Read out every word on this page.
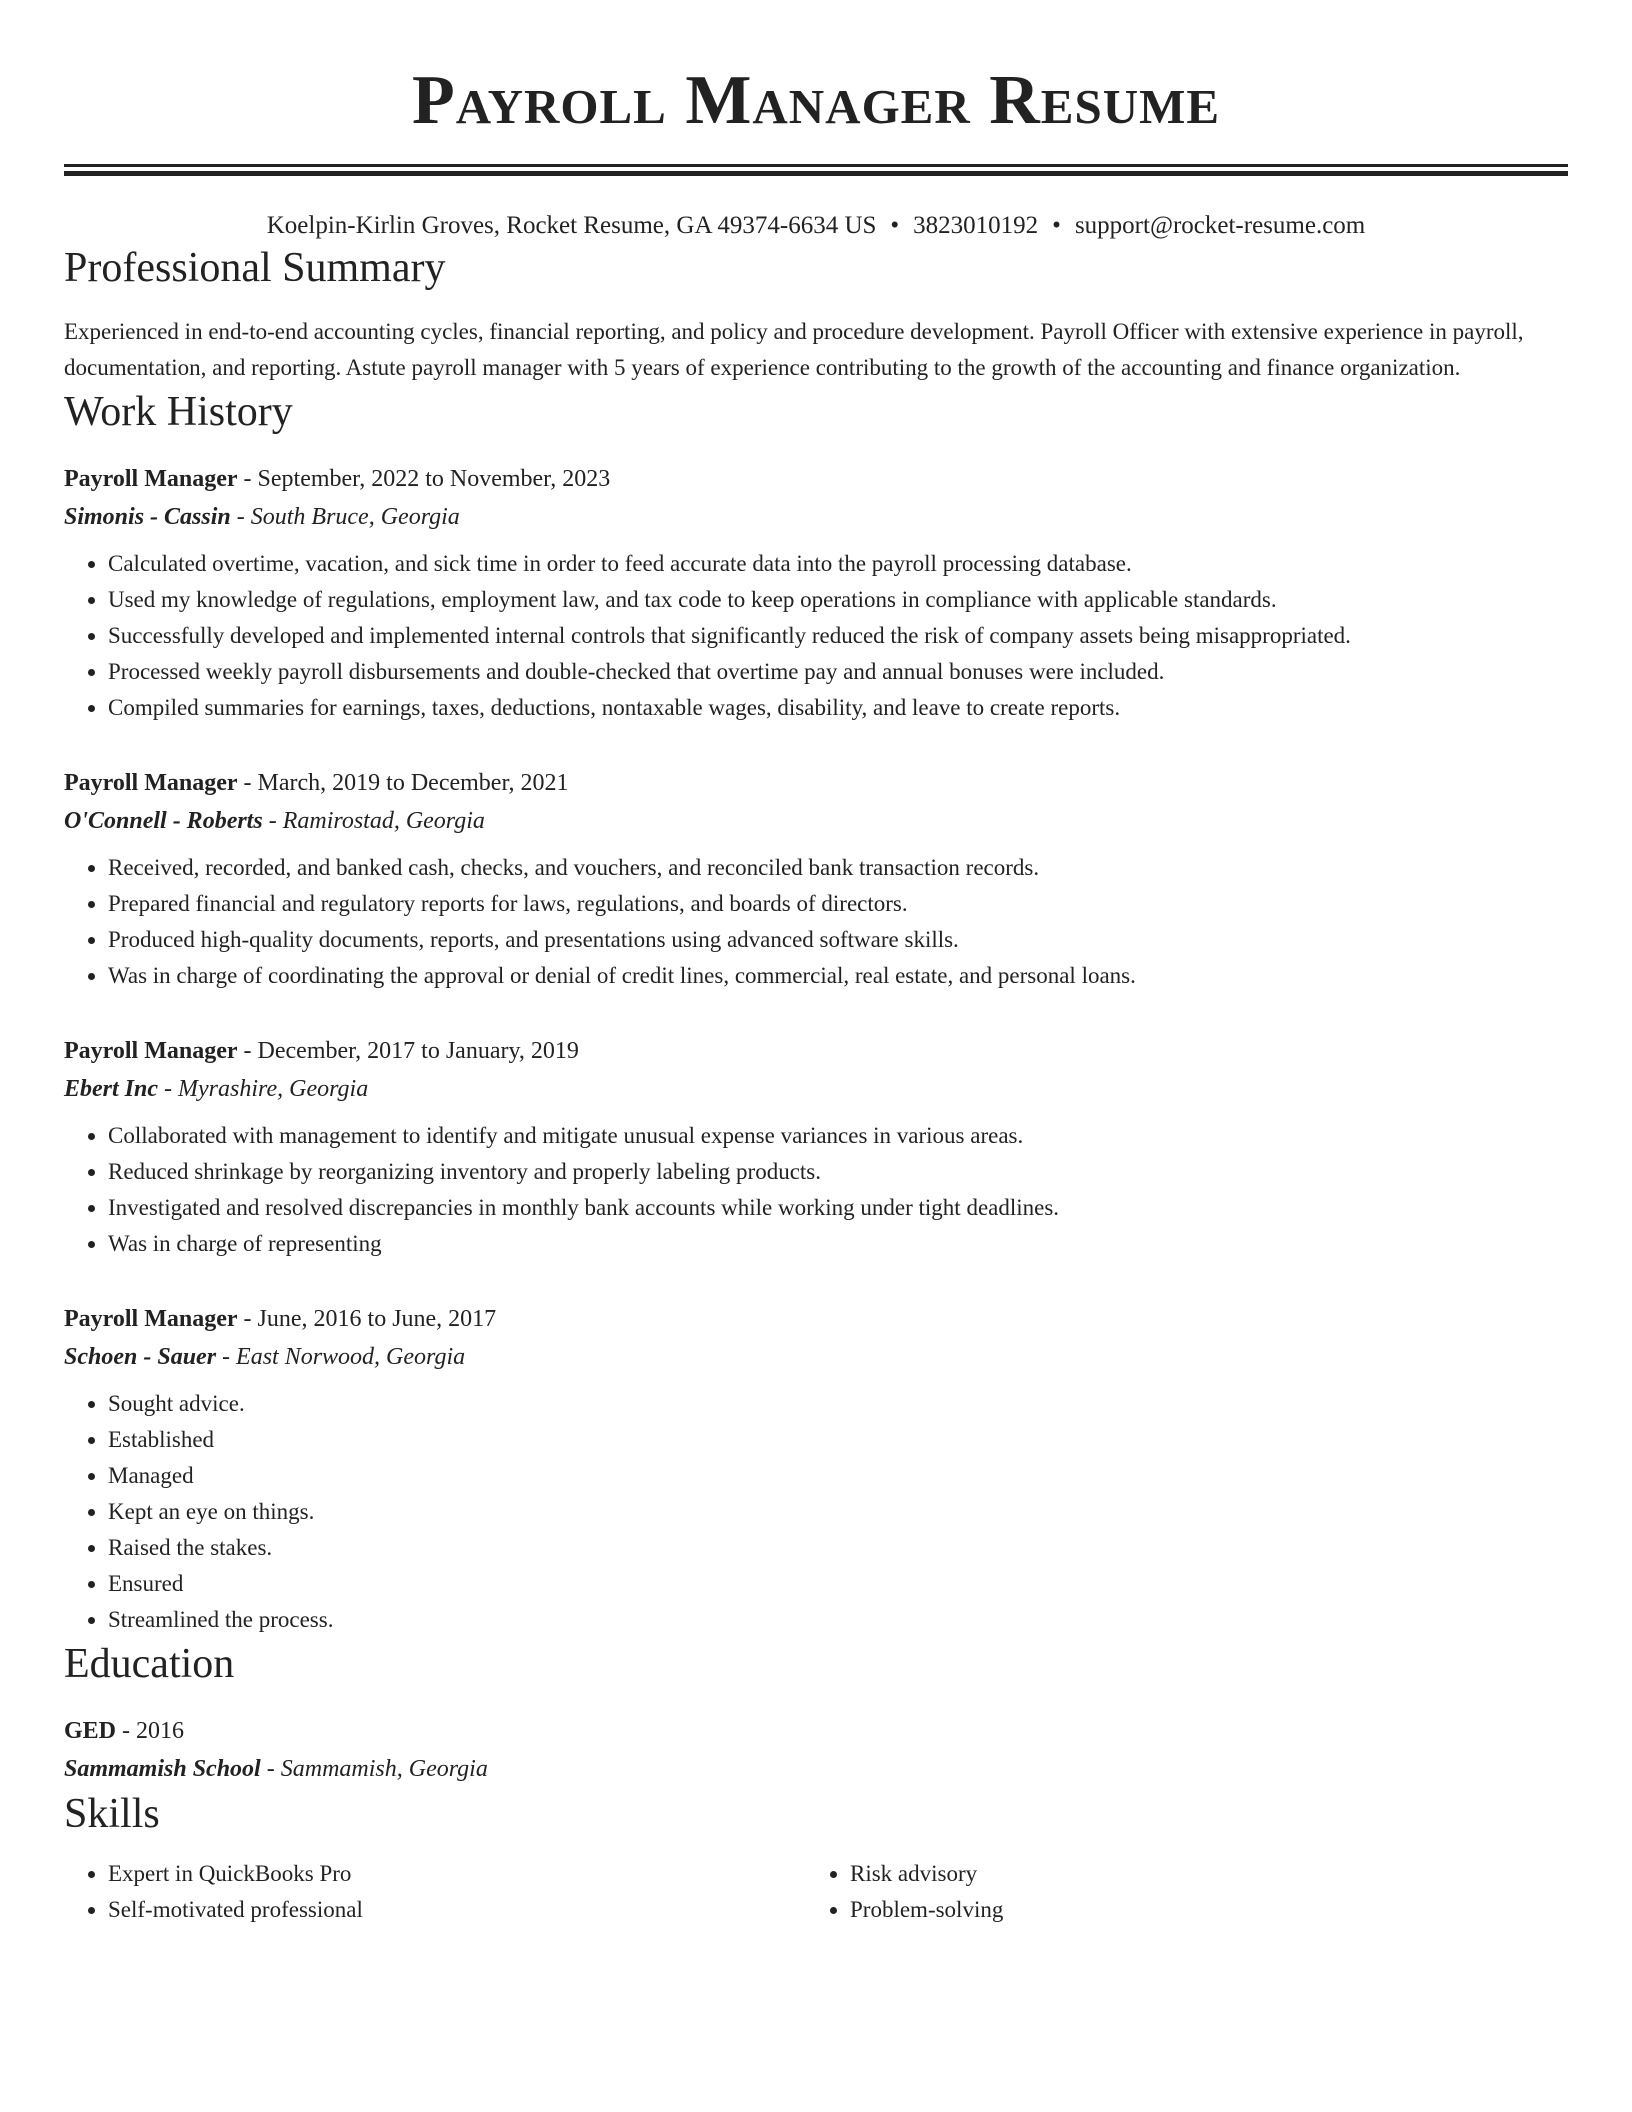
Payroll Manager Resume
Koelpin-Kirlin Groves, Rocket Resume, GA 49374-6634 US • 3823010192 • support@rocket-resume.com
Professional Summary
Experienced in end-to-end accounting cycles, financial reporting, and policy and procedure development. Payroll Officer with extensive experience in payroll, documentation, and reporting. Astute payroll manager with 5 years of experience contributing to the growth of the accounting and finance organization.
Work History
Payroll Manager - September, 2022 to November, 2023
Simonis - Cassin - South Bruce, Georgia
• Calculated overtime, vacation, and sick time in order to feed accurate data into the payroll processing database.
• Used my knowledge of regulations, employment law, and tax code to keep operations in compliance with applicable standards.
• Successfully developed and implemented internal controls that significantly reduced the risk of company assets being misappropriated.
• Processed weekly payroll disbursements and double-checked that overtime pay and annual bonuses were included.
• Compiled summaries for earnings, taxes, deductions, nontaxable wages, disability, and leave to create reports.
Payroll Manager - March, 2019 to December, 2021
O'Connell - Roberts - Ramirostad, Georgia
• Received, recorded, and banked cash, checks, and vouchers, and reconciled bank transaction records.
• Prepared financial and regulatory reports for laws, regulations, and boards of directors.
• Produced high-quality documents, reports, and presentations using advanced software skills.
• Was in charge of coordinating the approval or denial of credit lines, commercial, real estate, and personal loans.
Payroll Manager - December, 2017 to January, 2019
Ebert Inc - Myrashire, Georgia
• Collaborated with management to identify and mitigate unusual expense variances in various areas.
• Reduced shrinkage by reorganizing inventory and properly labeling products.
• Investigated and resolved discrepancies in monthly bank accounts while working under tight deadlines.
• Was in charge of representing
Payroll Manager - June, 2016 to June, 2017
Schoen - Sauer - East Norwood, Georgia
• Sought advice.
• Established
• Managed
• Kept an eye on things.
• Raised the stakes.
• Ensured
• Streamlined the process.
Education
GED - 2016
Sammamish School - Sammamish, Georgia
Skills
• Expert in QuickBooks Pro
• Self-motivated professional
• Risk advisory
• Problem-solving
